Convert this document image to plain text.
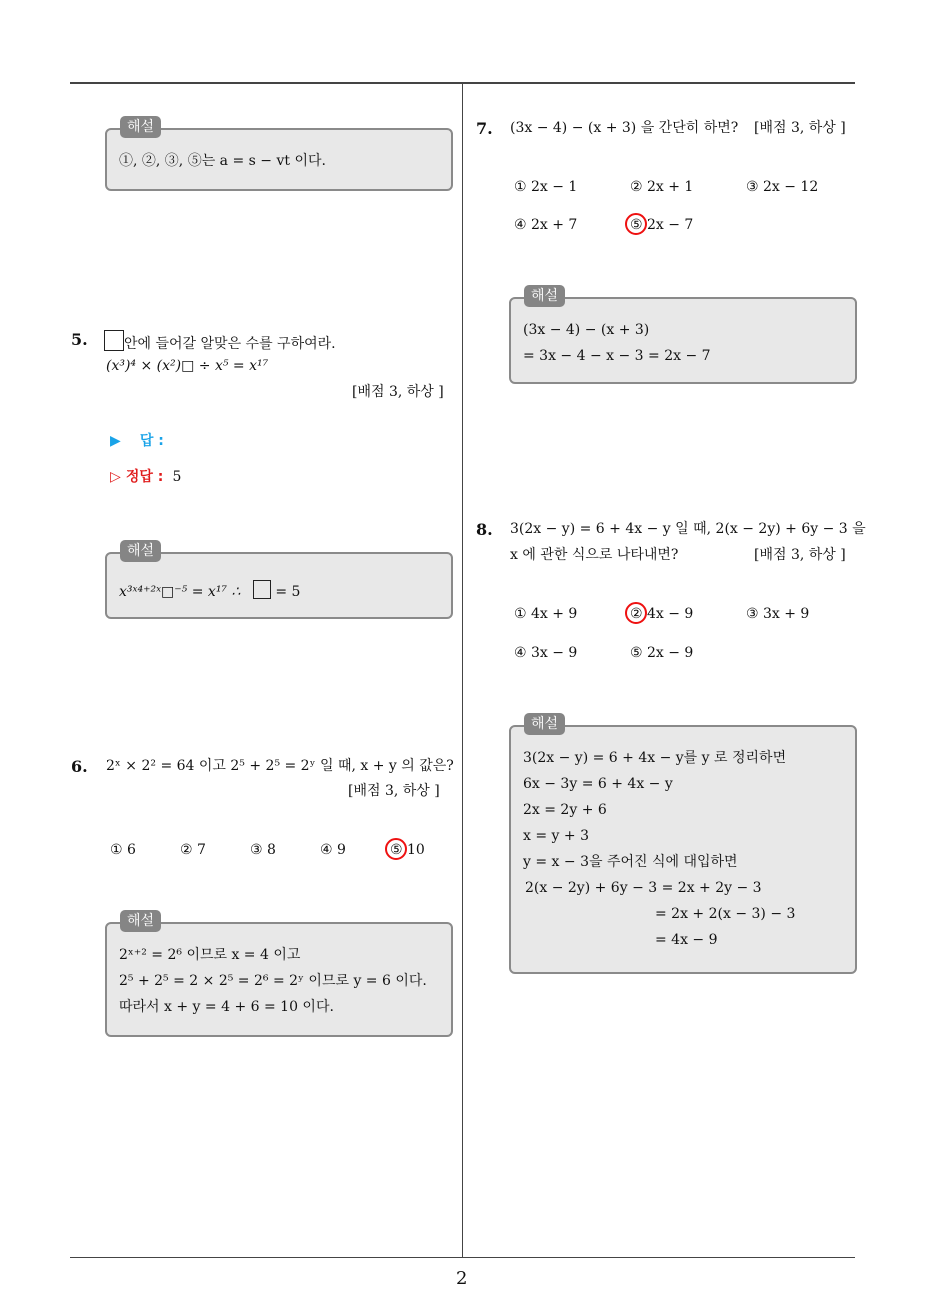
2
해설
①, ②, ③, ⑤는 a = s − vt 이다.
5.	안에 들어갈 알맞은 수를 구하여라.
(x³)⁴ × (x²)□ ÷ x⁵ = x¹⁷
[배점 3, 하상 ]
▶ 답 :
▷ 정답 : 5
해설
x³ˣ⁴⁺²ˣ□⁻⁵ = x¹⁷ ∴ = 5
6. 2ˣ × 2² = 64 이고 2⁵ + 2⁵ = 2ʸ 일 때, x + y 의 값은?
[배점 3, 하상 ]
① 6	② 7	③ 8	④ 9	⑤ 10
해설
2ˣ⁺² = 2⁶ 이므로 x = 4 이고
2⁵ + 2⁵ = 2 × 2⁵ = 2⁶ = 2ʸ 이므로 y = 6 이다.
따라서 x + y = 4 + 6 = 10 이다.
7. (3x − 4) − (x + 3) 을 간단히 하면? [배점 3, 하상 ]
① 2x − 1	② 2x + 1	③ 2x − 12
④ 2x + 7	⑤ 2x − 7
해설
(3x − 4) − (x + 3)
= 3x − 4 − x − 3 = 2x − 7
8. 3(2x − y) = 6 + 4x − y 일 때, 2(x − 2y) + 6y − 3 을
x 에 관한 식으로 나타내면?	[배점 3, 하상 ]
① 4x + 9	② 4x − 9	③ 3x + 9
④ 3x − 9	⑤ 2x − 9
해설
3(2x − y) = 6 + 4x − y를 y 로 정리하면
6x − 3y = 6 + 4x − y
2x = 2y + 6
x = y + 3
y = x − 3을 주어진 식에 대입하면
2(x − 2y) + 6y − 3 = 2x + 2y − 3
= 2x + 2(x − 3) − 3
= 4x − 9
